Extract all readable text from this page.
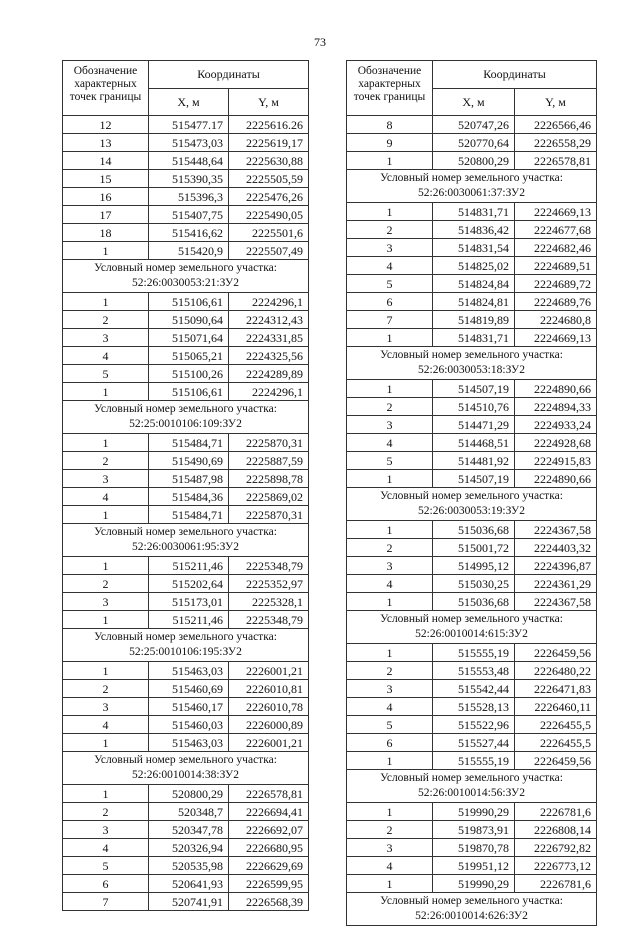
73
Обозначение характерных точек границы	Координаты	
	X, м	Y, м
12	515477.17	2225616.26
13	515473,03	2225619,17
14	515448,64	2225630,88
15	515390,35	2225505,59
16	515396,3	2225476,26
17	515407,75	2225490,05
18	515416,62	2225501,6
1	515420,9	2225507,49
Условный номер земельного участка: 52:26:0030053:21:ЗУ2		
1	515106,61	2224296,1
2	515090,64	2224312,43
3	515071,64	2224331,85
4	515065,21	2224325,56
5	515100,26	2224289,89
1	515106,61	2224296,1
Условный номер земельного участка: 52:25:0010106:109:ЗУ2		
1	515484,71	2225870,31
2	515490,69	2225887,59
3	515487,98	2225898,78
4	515484,36	2225869,02
1	515484,71	2225870,31
Условный номер земельного участка: 52:26:0030061:95:ЗУ2		
1	515211,46	2225348,79
2	515202,64	2225352,97
3	515173,01	2225328,1
1	515211,46	2225348,79
Условный номер земельного участка: 52:25:0010106:195:ЗУ2		
1	515463,03	2226001,21
2	515460,69	2226010,81
3	515460,17	2226010,78
4	515460,03	2226000,89
1	515463,03	2226001,21
Условный номер земельного участка: 52:26:0010014:38:ЗУ2		
1	520800,29	2226578,81
2	520348,7	2226694,41
3	520347,78	2226692,07
4	520326,94	2226680,95
5	520535,98	2226629,69
6	520641,93	2226599,95
7	520741,91	2226568,39
Обозначение характерных точек границы	Координаты	
	X, м	Y, м
8	520747,26	2226566,46
9	520770,64	2226558,29
1	520800,29	2226578,81
Условный номер земельного участка: 52:26:0030061:37:ЗУ2		
1	514831,71	2224669,13
2	514836,42	2224677,68
3	514831,54	2224682,46
4	514825,02	2224689,51
5	514824,84	2224689,72
6	514824,81	2224689,76
7	514819,89	2224680,8
1	514831,71	2224669,13
Условный номер земельного участка: 52:26:0030053:18:ЗУ2		
1	514507,19	2224890,66
2	514510,76	2224894,33
3	514471,29	2224933,24
4	514468,51	2224928,68
5	514481,92	2224915,83
1	514507,19	2224890,66
Условный номер земельного участка: 52:26:0030053:19:ЗУ2		
1	515036,68	2224367,58
2	515001,72	2224403,32
3	514995,12	2224396,87
4	515030,25	2224361,29
1	515036,68	2224367,58
Условный номер земельного участка: 52:26:0010014:615:ЗУ2		
1	515555,19	2226459,56
2	515553,48	2226480,22
3	515542,44	2226471,83
4	515528,13	2226460,11
5	515522,96	2226455,5
6	515527,44	2226455,5
1	515555,19	2226459,56
Условный номер земельного участка: 52:26:0010014:56:ЗУ2		
1	519990,29	2226781,6
2	519873,91	2226808,14
3	519870,78	2226792,82
4	519951,12	2226773,12
1	519990,29	2226781,6
Условный номер земельного участка: 52:26:0010014:626:ЗУ2		
